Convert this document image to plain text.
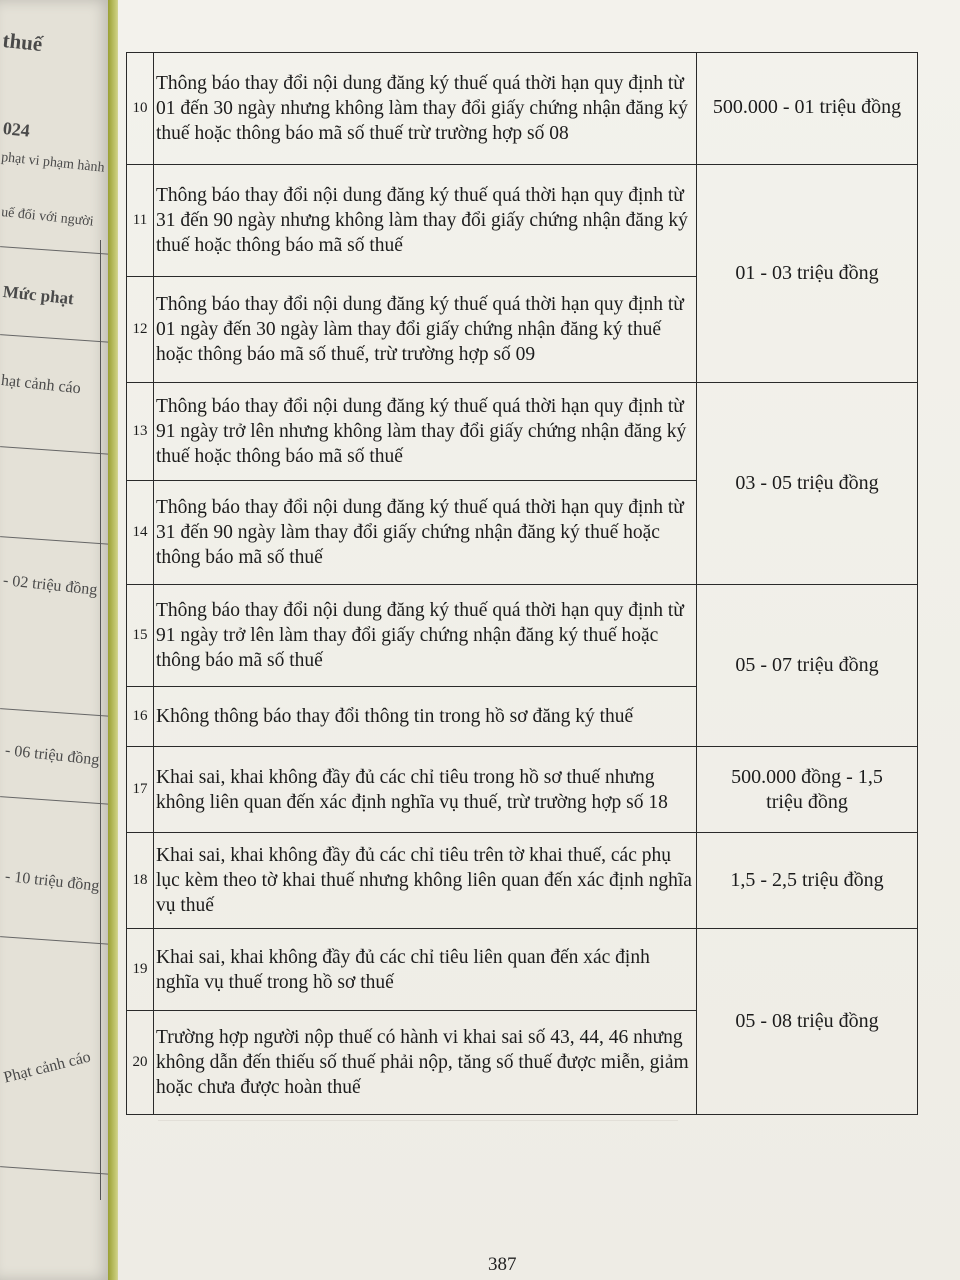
thuế
024
phạt vi phạm hành
uế đối với người
Mức phạt
hạt cảnh cáo
- 02 triệu đồng
- 06 triệu đồng
- 10 triệu đồng
Phạt cảnh cáo
10	Thông báo thay đổi nội dung đăng ký thuế quá thời hạn quy định từ 01 đến 30 ngày nhưng không làm thay đổi giấy chứng nhận đăng ký thuế hoặc thông báo mã số thuế trừ trường hợp số 08	500.000 - 01 triệu đồng
11	Thông báo thay đổi nội dung đăng ký thuế quá thời hạn quy định từ 31 đến 90 ngày nhưng không làm thay đổi giấy chứng nhận đăng ký thuế hoặc thông báo mã số thuế	01 - 03 triệu đồng
12	Thông báo thay đổi nội dung đăng ký thuế quá thời hạn quy định từ 01 ngày đến 30 ngày làm thay đổi giấy chứng nhận đăng ký thuế hoặc thông báo mã số thuế, trừ trường hợp số 09	
13	Thông báo thay đổi nội dung đăng ký thuế quá thời hạn quy định từ 91 ngày trở lên nhưng không làm thay đổi giấy chứng nhận đăng ký thuế hoặc thông báo mã số thuế	03 - 05 triệu đồng
14	Thông báo thay đổi nội dung đăng ký thuế quá thời hạn quy định từ 31 đến 90 ngày làm thay đổi giấy chứng nhận đăng ký thuế hoặc thông báo mã số thuế	
15	Thông báo thay đổi nội dung đăng ký thuế quá thời hạn quy định từ 91 ngày trở lên làm thay đổi giấy chứng nhận đăng ký thuế hoặc thông báo mã số thuế	05 - 07 triệu đồng
16	Không thông báo thay đổi thông tin trong hồ sơ đăng ký thuế	
17	Khai sai, khai không đầy đủ các chỉ tiêu trong hồ sơ thuế nhưng không liên quan đến xác định nghĩa vụ thuế, trừ trường hợp số 18	500.000 đồng - 1,5 triệu đồng
18	Khai sai, khai không đầy đủ các chỉ tiêu trên tờ khai thuế, các phụ lục kèm theo tờ khai thuế nhưng không liên quan đến xác định nghĩa vụ thuế	1,5 - 2,5 triệu đồng
19	Khai sai, khai không đầy đủ các chỉ tiêu liên quan đến xác định nghĩa vụ thuế trong hồ sơ thuế	05 - 08 triệu đồng
20	Trường hợp người nộp thuế có hành vi khai sai số 43, 44, 46 nhưng không dẫn đến thiếu số thuế phải nộp, tăng số thuế được miễn, giảm hoặc chưa được hoàn thuế	
387
